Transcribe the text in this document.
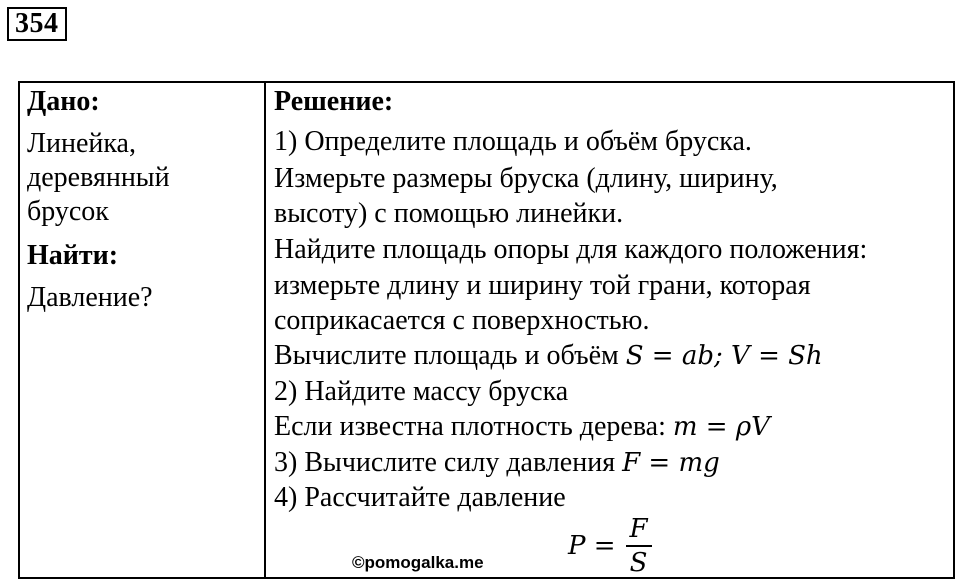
354
Дано:
Линейка,
деревянный
брусок
Найти:
Давление?
Решение:
1) Определите площадь и объём бруска.
Измерьте размеры бруска (длину, ширину,
высоту) с помощью линейки.
Найдите площадь опоры для каждого положения:
измерьте длину и ширину той грани, которая
соприкасается с поверхностью.
Вычислите площадь и объём S = ab; V = Sh
2) Найдите массу бруска
Если известна плотность дерева: m = ρV
3) Вычислите силу давления F = mg
4) Рассчитайте давление
$P = \frac{F}{S}$
©pomogalka.me
